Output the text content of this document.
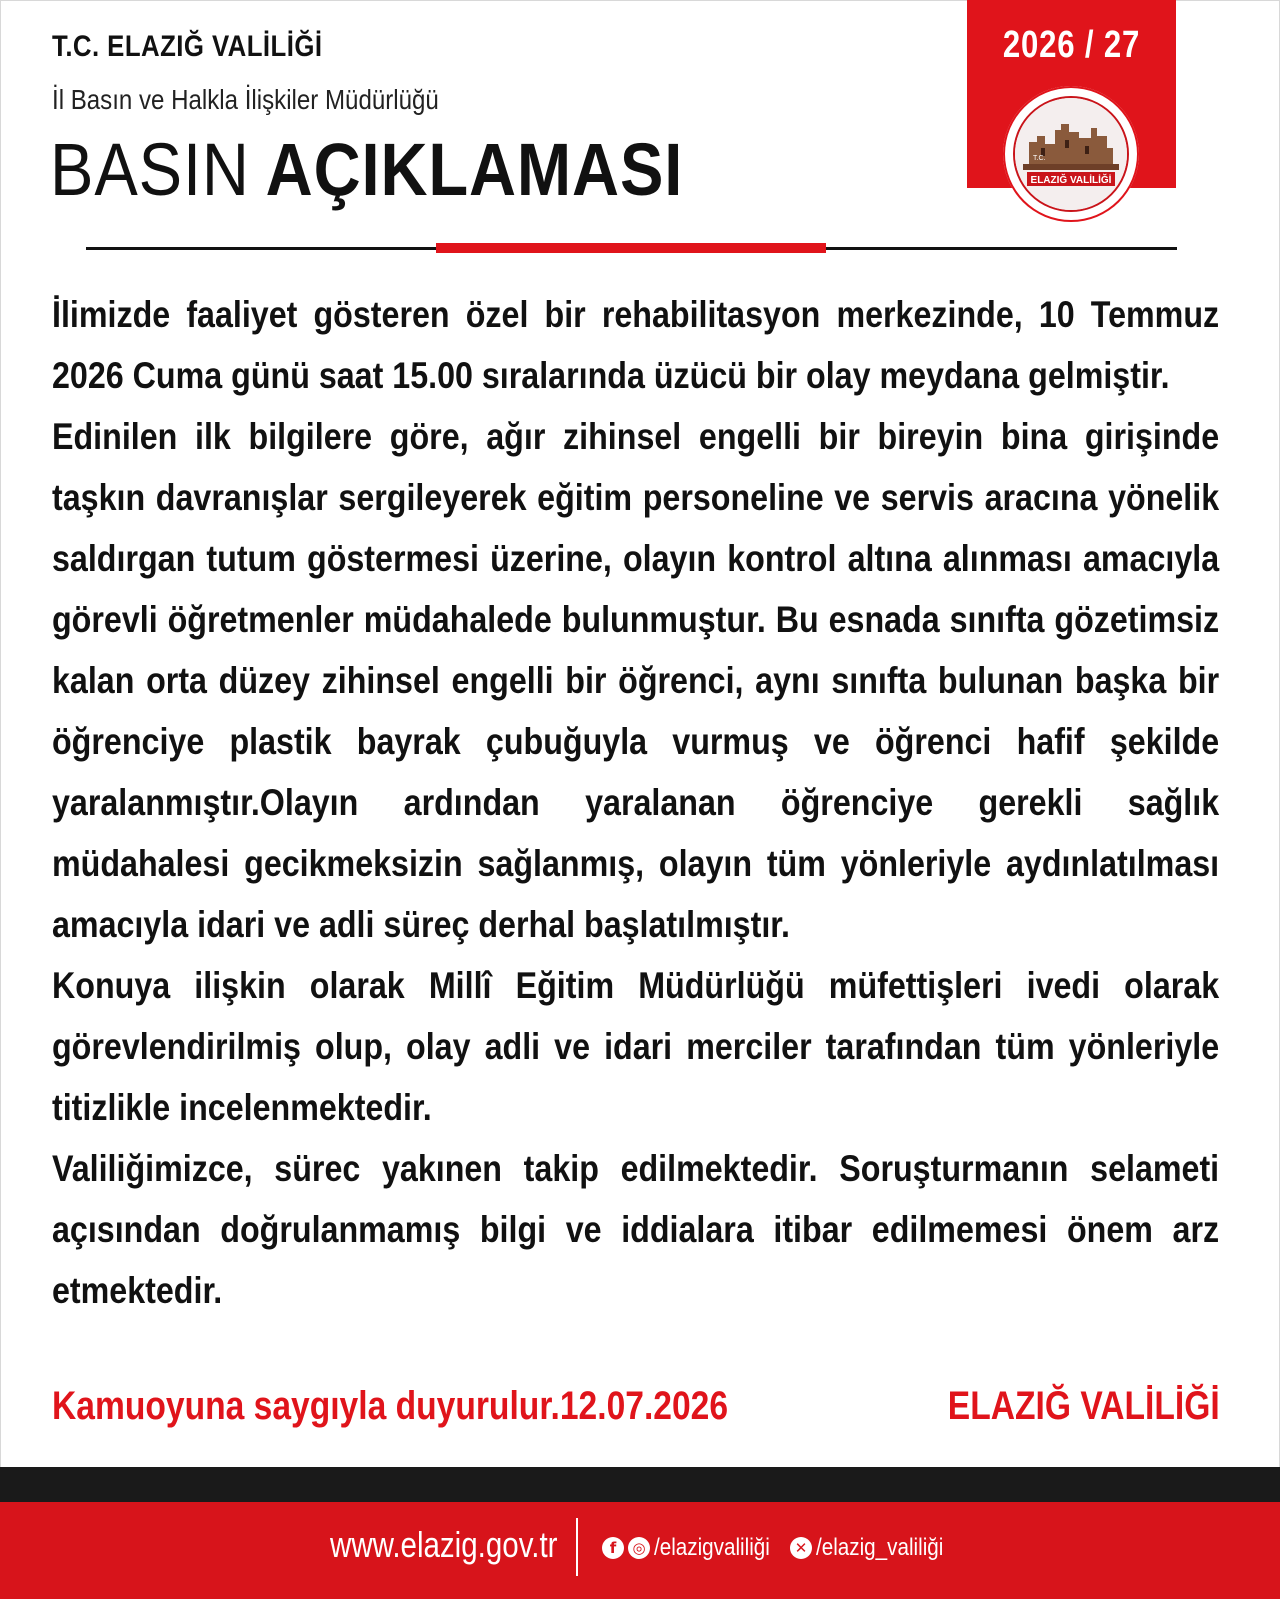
T.C. ELAZIĞ VALİLİĞİ
İl Basın ve Halkla İlişkiler Müdürlüğü
BASIN AÇIKLAMASI
2026 / 27
ELAZIĞ VALİLİĞİ
T.C.

İlimizde faaliyet gösteren özel bir rehabilitasyon merkezinde, 10 Temmuz 2026 Cuma günü saat 15.00 sıralarında üzücü bir olay meydana gelmiştir.

Edinilen ilk bilgilere göre, ağır zihinsel engelli bir bireyin bina girişinde taşkın davranışlar sergileyerek eğitim personeline ve servis aracına yönelik saldırgan tutum göstermesi üzerine, olayın kontrol altına alınması amacıyla görevli öğretmenler müdahalede bulunmuştur. Bu esnada sınıfta gözetimsiz kalan orta düzey zihinsel engelli bir öğrenci, aynı sınıfta bulunan başka bir öğrenciye plastik bayrak çubuğuyla vurmuş ve öğrenci hafif şekilde yaralanmıştır.Olayın ardından yaralanan öğrenciye gerekli sağlık müdahalesi gecikmeksizin sağlanmış, olayın tüm yönleriyle aydınlatılması amacıyla idari ve adli süreç derhal başlatılmıştır.

Konuya ilişkin olarak Millî Eğitim Müdürlüğü müfettişleri ivedi olarak görevlendirilmiş olup, olay adli ve idari merciler tarafından tüm yönleriyle titizlikle incelenmektedir.

Valiliğimizce, sürec yakınen takip edilmektedir. Soruşturmanın selameti açısından doğrulanmamış bilgi ve iddialara itibar edilmemesi önem arz etmektedir.

Kamuoyuna saygıyla duyurulur.12.07.2026	ELAZIĞ VALİLİĞİ
www.elazig.gov.tr	f	◎ /elazigvaliliği	✕ /elazig_valiliği
